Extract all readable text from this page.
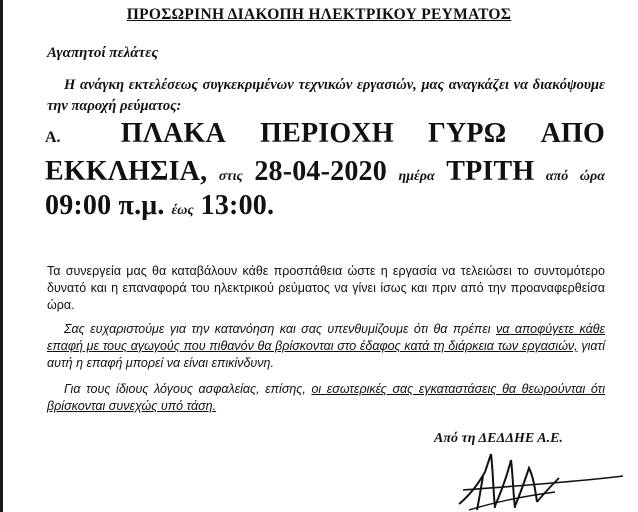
ΠΡΟΣΩΡΙΝΗ ΔΙΑΚΟΠΗ ΗΛΕΚΤΡΙΚΟΥ ΡΕΥΜΑΤΟΣ
Αγαπητοί πελάτες
Η ανάγκη εκτελέσεως συγκεκριμένων τεχνικών εργασιών, μας αναγκάζει να διακόψουμε την παροχή ρεύματος:
Α. ΠΛΑΚΑ ΠΕΡΙΟΧΗ ΓΥΡΩ ΑΠΟ
ΕΚΚΛΗΣΙΑ, στις 28-04-2020 ημέρα ΤΡΙΤΗ από ώρα
09:00 π.μ. έως 13:00.
Τα συνεργεία μας θα καταβάλουν κάθε προσπάθεια ώστε η εργασία να τελειώσει το συντομότερο δυνατό και η επαναφορά του ηλεκτρικού ρεύματος να γίνει ίσως και πριν από την προαναφερθείσα ώρα.
Σας ευχαριστούμε για την κατανόηση και σας υπενθυμίζουμε ότι θα πρέπει να αποφύγετε κάθε επαφή με τους αγωγούς που πιθανόν θα βρίσκονται στο έδαφος κατά τη διάρκεια των εργασιών, γιατί αυτή η επαφή μπορεί να είναι επικίνδυνη.
Για τους ίδιους λόγους ασφαλείας, επίσης, οι εσωτερικές σας εγκαταστάσεις θα θεωρούνται ότι βρίσκονται συνεχώς υπό τάση.
Από τη ΔΕΔΔΗΕ Α.Ε.
